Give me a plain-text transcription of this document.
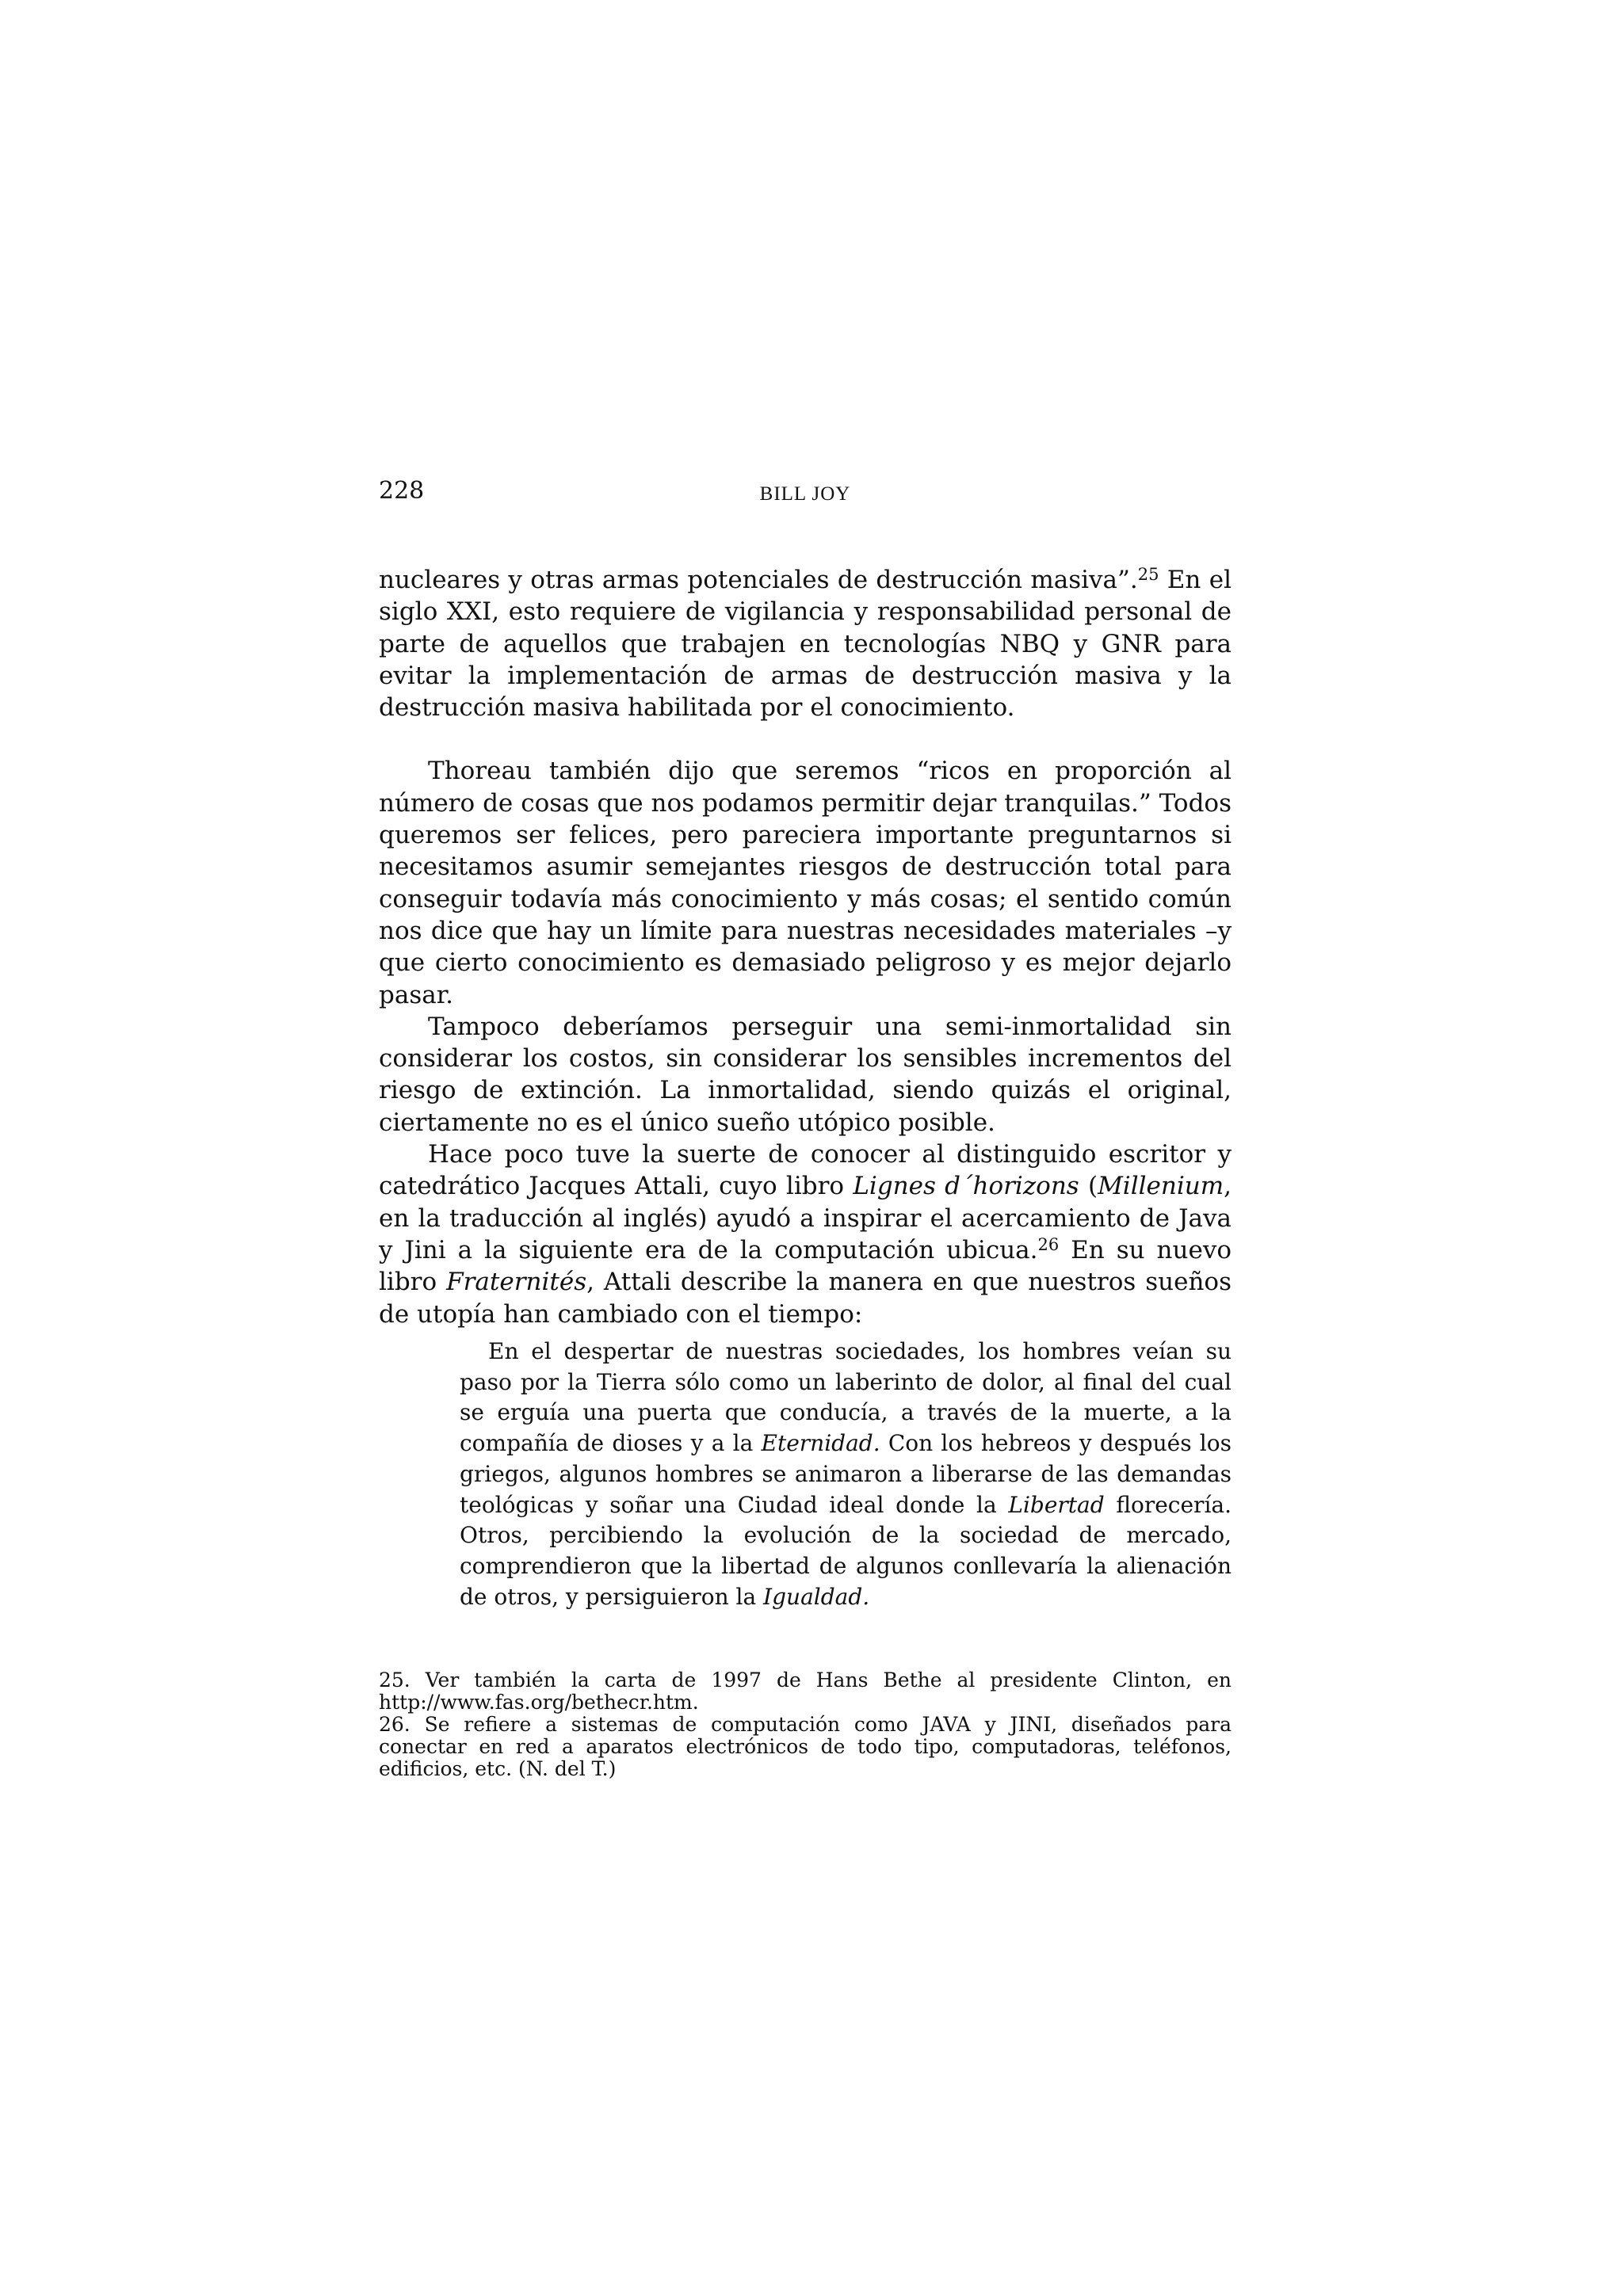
228	BILL JOY

nucleares y otras armas potenciales de destrucción masiva”.$^{25}$ En el siglo XXI, esto requiere de vigilancia y responsabilidad personal de parte de aquellos que trabajen en tecnologías NBQ y GNR para evitar la implementación de armas de destrucción masiva y la destrucción masiva habilitada por el conocimiento.

Thoreau también dijo que seremos “ricos en proporción al número de cosas que nos podamos permitir dejar tranquilas.” Todos queremos ser felices, pero pareciera importante preguntarnos si necesitamos asumir semejantes riesgos de destrucción total para conseguir todavía más conocimiento y más cosas; el sentido común nos dice que hay un límite para nuestras necesidades materiales –y que cierto conocimiento es demasiado peligroso y es mejor dejarlo pasar.

Tampoco deberíamos perseguir una semi-inmortalidad sin considerar los costos, sin considerar los sensibles incrementos del riesgo de extinción. La inmortalidad, siendo quizás el original, ciertamente no es el único sueño utópico posible.

Hace poco tuve la suerte de conocer al distinguido escritor y catedrático Jacques Attali, cuyo libro Lignes d´horizons (Millenium, en la traducción al inglés) ayudó a inspirar el acercamiento de Java y Jini a la siguiente era de la computación ubicua.$^{26}$ En su nuevo libro Fraternités, Attali describe la manera en que nuestros sueños de utopía han cambiado con el tiempo:

En el despertar de nuestras sociedades, los hombres veían su paso por la Tierra sólo como un laberinto de dolor, al final del cual se erguía una puerta que conducía, a través de la muerte, a la compañía de dioses y a la Eternidad. Con los hebreos y después los griegos, algunos hombres se animaron a liberarse de las demandas teológicas y soñar una Ciudad ideal donde la Libertad florecería. Otros, percibiendo la evolución de la sociedad de mercado, comprendieron que la libertad de algunos conllevaría la alienación de otros, y persiguieron la Igualdad.

25. Ver también la carta de 1997 de Hans Bethe al presidente Clinton, en http://www.fas.org/bethecr.htm.

26. Se refiere a sistemas de computación como JAVA y JINI, diseñados para conectar en red a aparatos electrónicos de todo tipo, computadoras, teléfonos, edificios, etc. (N. del T.)
